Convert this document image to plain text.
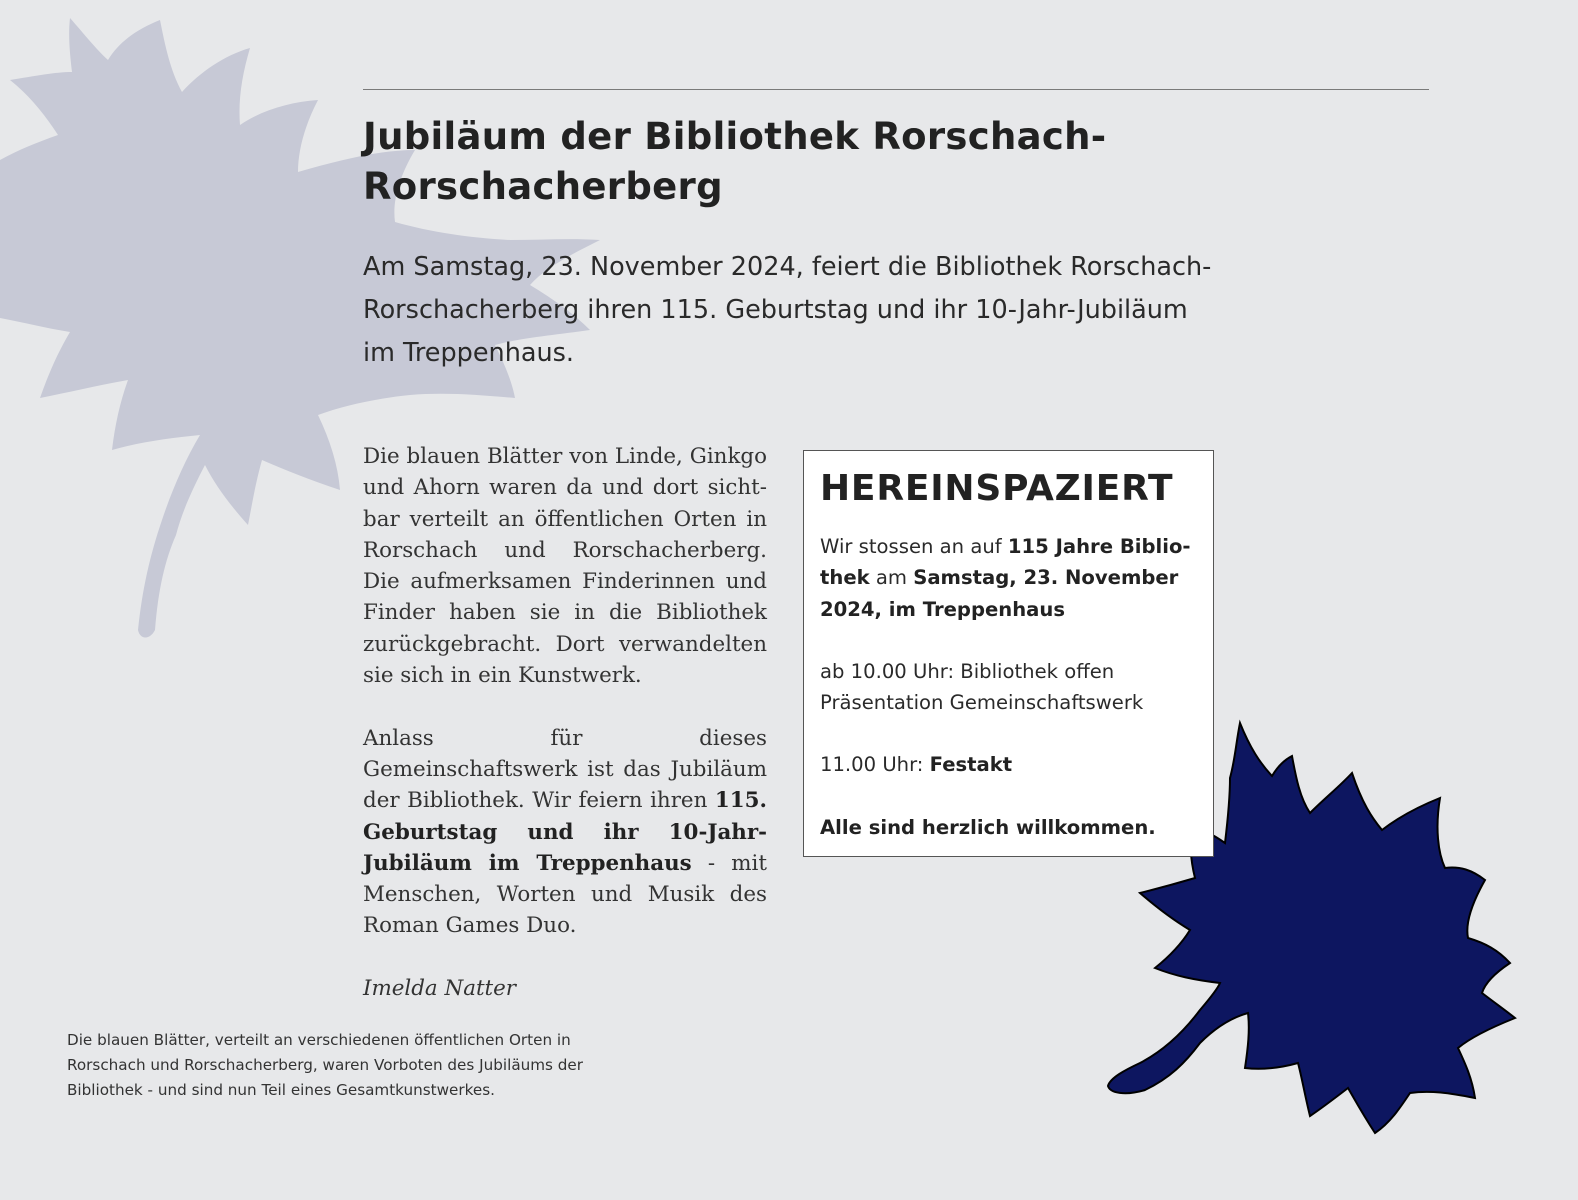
Jubiläum der Bibliothek Rorschach-
Rorschacherberg

Am Samstag, 23. November 2024, feiert die Bibliothek Rorschach-
Rorschacherberg ihren 115. Geburtstag und ihr 10-Jahr-Jubiläum
im Treppenhaus.

Die blauen Blätter von Linde, Ginkgo und Ahorn waren da und dort sichtbar verteilt an öffentlichen Orten in Rorschach und Rorschacherberg. Die aufmerksamen Finderinnen und Finder haben sie in die Bibliothek zurückgebracht. Dort verwandelten sie sich in ein Kunstwerk.

Anlass für dieses Gemeinschaftswerk ist das Jubiläum der Bibliothek. Wir feiern ihren 115. Geburtstag und ihr 10-Jahr-Jubiläum im Treppenhaus - mit Menschen, Worten und Musik des Roman Games Duo.

Imelda Natter

HEREINSPAZIERT

Wir stossen an auf 115 Jahre Bibliothek am Samstag, 23. November 2024, im Treppenhaus

ab 10.00 Uhr: Bibliothek offen
Präsentation Gemeinschaftswerk

11.00 Uhr: Festakt

Alle sind herzlich willkommen.

Die blauen Blätter, verteilt an verschiedenen öffentlichen Orten in
Rorschach und Rorschacherberg, waren Vorboten des Jubiläums der
Bibliothek - und sind nun Teil eines Gesamtkunstwerkes.
